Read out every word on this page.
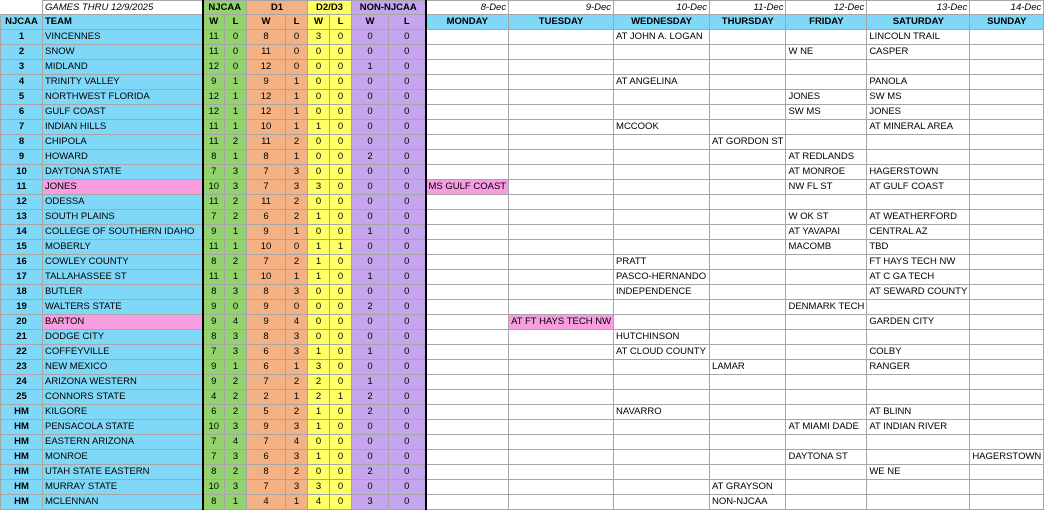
	GAMES THRU 12/9/2025	NJCAA		D1		D2/D3		NON-NJCAA		8-Dec	9-Dec	10-Dec	11-Dec	12-Dec	13-Dec	14-Dec
NJCAA	TEAM	W	L	W	L	W	L	W	L	MONDAY	TUESDAY	WEDNESDAY	THURSDAY	FRIDAY	SATURDAY	SUNDAY
1	VINCENNES	11	0	8	0	3	0	0	0			AT JOHN A. LOGAN			LINCOLN TRAIL	
2	SNOW	11	0	11	0	0	0	0	0					W NE	CASPER	
3	MIDLAND	12	0	12	0	0	0	1	0							
4	TRINITY VALLEY	9	1	9	1	0	0	0	0			AT ANGELINA			PANOLA	
5	NORTHWEST FLORIDA	12	1	12	1	0	0	0	0					JONES	SW MS	
6	GULF COAST	12	1	12	1	0	0	0	0					SW MS	JONES	
7	INDIAN HILLS	11	1	10	1	1	0	0	0			MCCOOK			AT MINERAL AREA	
8	CHIPOLA	11	2	11	2	0	0	0	0				AT GORDON ST			
9	HOWARD	8	1	8	1	0	0	2	0					AT REDLANDS		
10	DAYTONA STATE	7	3	7	3	0	0	0	0					AT MONROE	HAGERSTOWN	
11	JONES	10	3	7	3	3	0	0	0	MS GULF COAST				NW FL ST	AT GULF COAST	
12	ODESSA	11	2	11	2	0	0	0	0							
13	SOUTH PLAINS	7	2	6	2	1	0	0	0					W OK ST	AT WEATHERFORD	
14	COLLEGE OF SOUTHERN IDAHO	9	1	9	1	0	0	1	0					AT YAVAPAI	CENTRAL AZ	
15	MOBERLY	11	1	10	0	1	1	0	0					MACOMB	TBD	
16	COWLEY COUNTY	8	2	7	2	1	0	0	0			PRATT			FT HAYS TECH NW	
17	TALLAHASSEE ST	11	1	10	1	1	0	1	0			PASCO-HERNANDO			AT C GA TECH	
18	BUTLER	8	3	8	3	0	0	0	0			INDEPENDENCE			AT SEWARD COUNTY	
19	WALTERS STATE	9	0	9	0	0	0	2	0					DENMARK TECH		
20	BARTON	9	4	9	4	0	0	0	0		AT FT HAYS TECH NW				GARDEN CITY	
21	DODGE CITY	8	3	8	3	0	0	0	0			HUTCHINSON				
22	COFFEYVILLE	7	3	6	3	1	0	1	0			AT CLOUD COUNTY			COLBY	
23	NEW MEXICO	9	1	6	1	3	0	0	0				LAMAR		RANGER	
24	ARIZONA WESTERN	9	2	7	2	2	0	1	0							
25	CONNORS STATE	4	2	2	1	2	1	2	0							
HM	KILGORE	6	2	5	2	1	0	2	0			NAVARRO			AT BLINN	
HM	PENSACOLA STATE	10	3	9	3	1	0	0	0					AT MIAMI DADE	AT INDIAN RIVER	
HM	EASTERN ARIZONA	7	4	7	4	0	0	0	0							
HM	MONROE	7	3	6	3	1	0	0	0					DAYTONA ST		HAGERSTOWN
HM	UTAH STATE EASTERN	8	2	8	2	0	0	2	0						WE NE	
HM	MURRAY STATE	10	3	7	3	3	0	0	0				AT GRAYSON			
HM	MCLENNAN	8	1	4	1	4	0	3	0				NON-NJCAA			
